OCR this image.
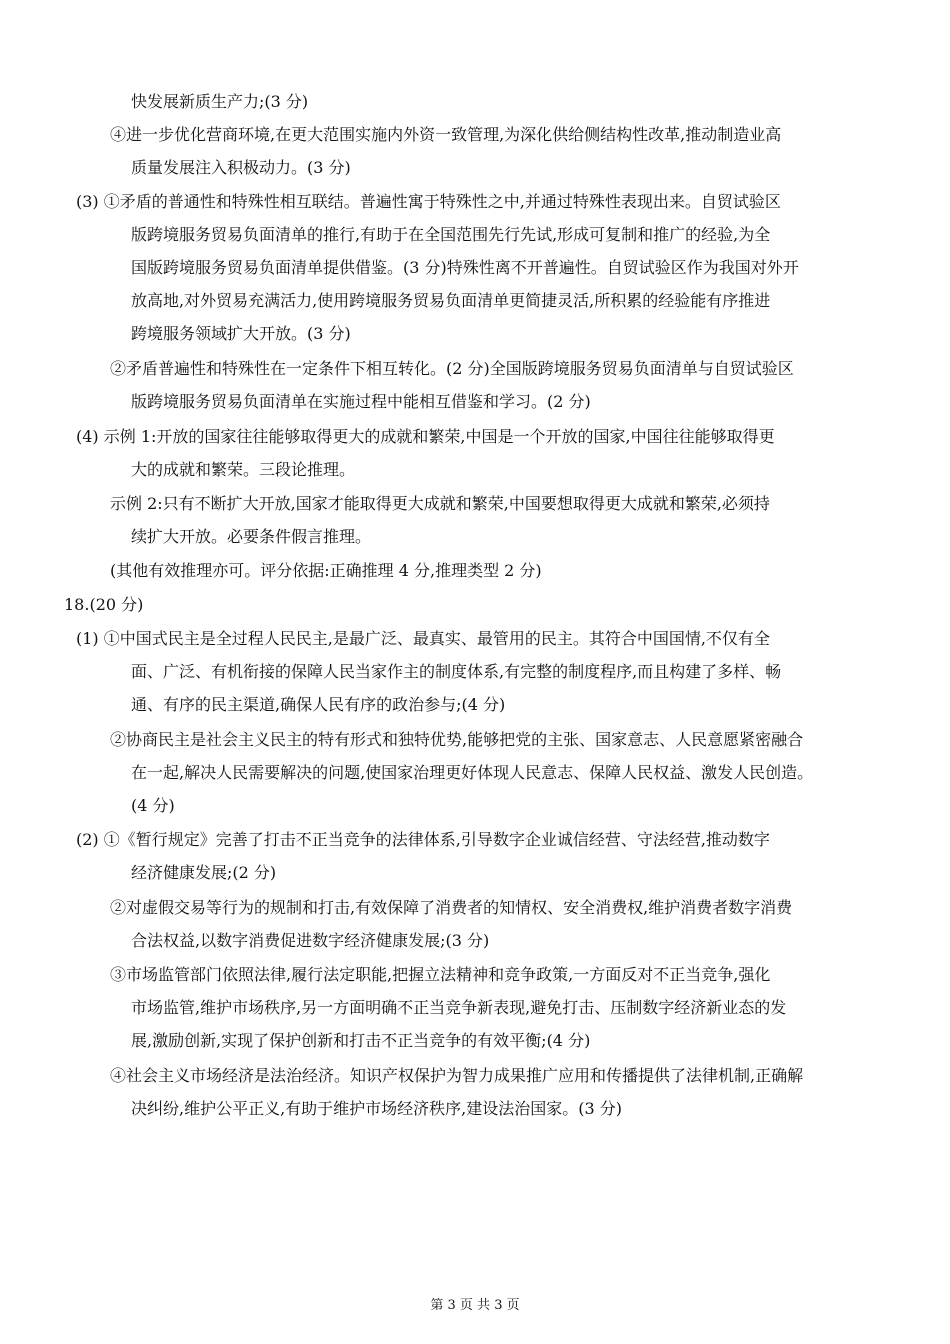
快发展新质生产力;(3 分)
④进一步优化营商环境,在更大范围实施内外资一致管理,为深化供给侧结构性改革,推动制造业高
质量发展注入积极动力。(3 分)
(3) ①矛盾的普通性和特殊性相互联结。普遍性寓于特殊性之中,并通过特殊性表现出来。自贸试验区
版跨境服务贸易负面清单的推行,有助于在全国范围先行先试,形成可复制和推广的经验,为全
国版跨境服务贸易负面清单提供借鉴。(3 分)特殊性离不开普遍性。自贸试验区作为我国对外开
放高地,对外贸易充满活力,使用跨境服务贸易负面清单更简捷灵活,所积累的经验能有序推进
跨境服务领域扩大开放。(3 分)
②矛盾普遍性和特殊性在一定条件下相互转化。(2 分)全国版跨境服务贸易负面清单与自贸试验区
版跨境服务贸易负面清单在实施过程中能相互借鉴和学习。(2 分)
(4) 示例 1:开放的国家往往能够取得更大的成就和繁荣,中国是一个开放的国家,中国往往能够取得更
大的成就和繁荣。三段论推理。
示例 2:只有不断扩大开放,国家才能取得更大成就和繁荣,中国要想取得更大成就和繁荣,必须持
续扩大开放。必要条件假言推理。
(其他有效推理亦可。评分依据:正确推理 4 分,推理类型 2 分)
18.(20 分)
(1) ①中国式民主是全过程人民民主,是最广泛、最真实、最管用的民主。其符合中国国情,不仅有全
面、广泛、有机衔接的保障人民当家作主的制度体系,有完整的制度程序,而且构建了多样、畅
通、有序的民主渠道,确保人民有序的政治参与;(4 分)
②协商民主是社会主义民主的特有形式和独特优势,能够把党的主张、国家意志、人民意愿紧密融合
在一起,解决人民需要解决的问题,使国家治理更好体现人民意志、保障人民权益、激发人民创造。
(4 分)
(2) ①《暂行规定》完善了打击不正当竞争的法律体系,引导数字企业诚信经营、守法经营,推动数字
经济健康发展;(2 分)
②对虚假交易等行为的规制和打击,有效保障了消费者的知情权、安全消费权,维护消费者数字消费
合法权益,以数字消费促进数字经济健康发展;(3 分)
③市场监管部门依照法律,履行法定职能,把握立法精神和竞争政策,一方面反对不正当竞争,强化
市场监管,维护市场秩序,另一方面明确不正当竞争新表现,避免打击、压制数字经济新业态的发
展,激励创新,实现了保护创新和打击不正当竞争的有效平衡;(4 分)
④社会主义市场经济是法治经济。知识产权保护为智力成果推广应用和传播提供了法律机制,正确解
决纠纷,维护公平正义,有助于维护市场经济秩序,建设法治国家。(3 分)
第 3 页 共 3 页
